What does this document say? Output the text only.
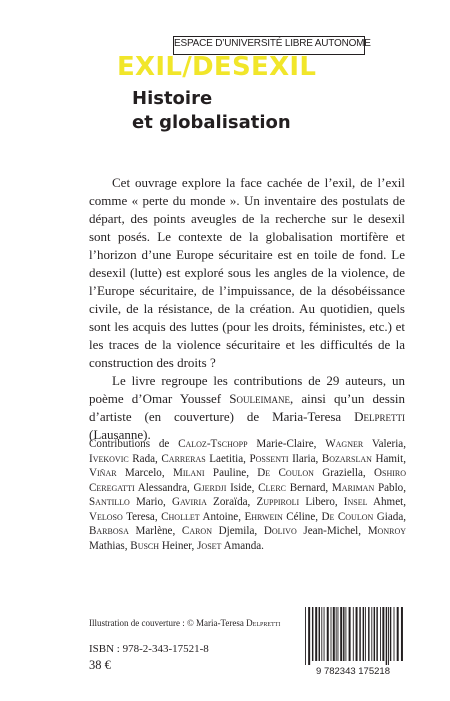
ESPACE D’UNIVERSITÉ LIBRE AUTONOME
EXIL/DESEXIL
Histoire
et globalisation

Cet ouvrage explore la face cachée de l’exil, de l’exil comme « perte du monde ». Un inventaire des postulats de départ, des points aveugles de la recherche sur le desexil sont posés. Le contexte de la globalisation mortifère et l’horizon d’une Europe sécuritaire est en toile de fond. Le desexil (lutte) est exploré sous les angles de la violence, de l’Europe sécuritaire, de l’impuissance, de la désobéissance civile, de la résistance, de la création. Au quotidien, quels sont les acquis des luttes (pour les droits, féministes, etc.) et les traces de la violence sécuritaire et les difficultés de la construction des droits ?

Le livre regroupe les contributions de 29 auteurs, un poème d’Omar Youssef Souleimane, ainsi qu’un dessin d’artiste (en couverture) de Maria-Teresa Delpretti (Lausanne).

Contributions de Caloz-Tschopp Marie-Claire, Wagner Valeria, Ivekovic Rada, Carreras Laetitia, Possenti Ilaria, Bozarslan Hamit, Viñar Marcelo, Milani Pauline, De Coulon Graziella, Oshiro Ceregatti Alessandra, Gjerdji Iside, Clerc Bernard, Mariman Pablo, Santillo Mario, Gaviria Zoraïda, Zuppiroli Libero, Insel Ahmet, Veloso Teresa, Chollet Antoine, Ehrwein Céline, De Coulon Giada, Barbosa Marlène, Caron Djemila, Dolivo Jean-Michel, Monroy Mathias, Busch Heiner, Joset Amanda.
Illustration de couverture : © Maria-Teresa Delpretti
ISBN : 978-2-343-17521-8
38 €	9 782343 175218
